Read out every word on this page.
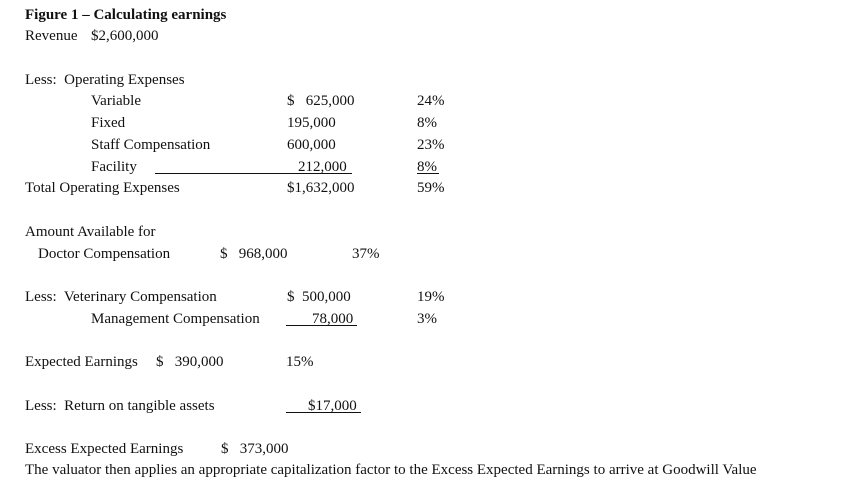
Figure 1 – Calculating earnings
Revenue $2,600,000
Less:  Operating Expenses
Variable	$   625,000	24%
Fixed	195,000	8%
Staff Compensation	600,000	23%
Facility	212,000	8%
Total Operating Expenses	$1,632,000	59%
Amount Available for
Doctor Compensation	$   968,000	37%
Less:  Veterinary Compensation	$  500,000	19%
Management Compensation	78,000	3%
Expected Earnings $   390,000	15%
Less:  Return on tangible assets	$17,000
Excess Expected Earnings	$   373,000
The valuator then applies an appropriate capitalization factor to the Excess Expected Earnings to arrive at Goodwill Value
